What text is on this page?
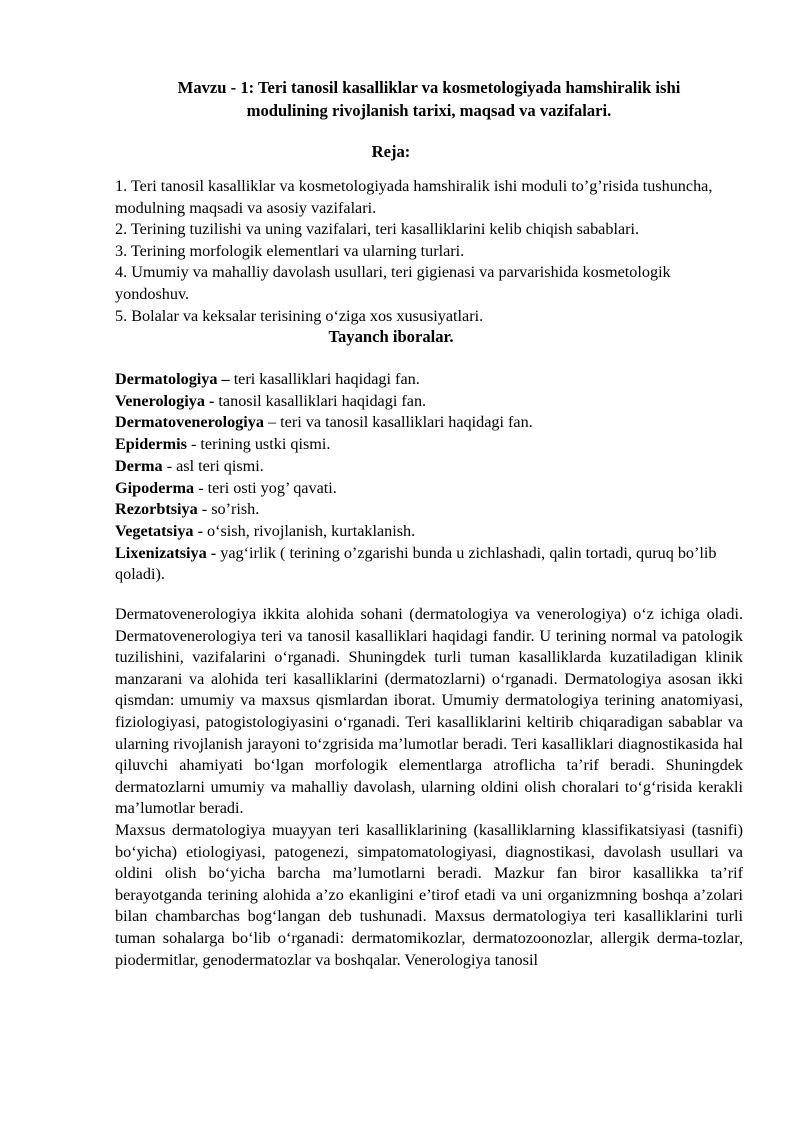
Mavzu - 1: Teri tanosil kasalliklar va kosmetologiyada hamshiralik ishi
modulining rivojlanish tarixi, maqsad va vazifalari.
Reja:
1. Teri tanosil kasalliklar va kosmetologiyada hamshiralik ishi moduli to’g’risida tushuncha, modulning maqsadi va asosiy vazifalari.
2. Terining tuzilishi va uning vazifalari, teri kasalliklarini kelib chiqish sabablari.
3. Terining morfologik elementlari va ularning turlari.
4. Umumiy va mahalliy davolash usullari, teri gigienasi va parvarishida kosmetologik yondoshuv.
5. Bolalar va keksalar terisining o‘ziga xos xususiyatlari.
Tayanch iboralar.

Dermatologiya – teri kasalliklari haqidagi fan.

Venerologiya - tanosil kasalliklari haqidagi fan.

Dermatovenerologiya – teri va tanosil kasalliklari haqidagi fan.

Epidermis - terining ustki qismi.

Derma - asl teri qismi.

Gipoderma - teri osti yog’ qavati.

Rezorbtsiya - so’rish.

Vegetatsiya - o‘sish, rivojlanish, kurtaklanish.

Lixenizatsiya - yag‘irlik ( terining o’zgarishi bunda u zichlashadi, qalin tortadi, quruq bo’lib qoladi).

Dermatovenerologiya ikkita alohida sohani (dermatologiya va venerologiya) o‘z ichiga oladi. Dermatovenerologiya teri va tanosil kasalliklari haqidagi fandir. U terining normal va patologik tuzilishini, vazifalarini o‘rganadi. Shuningdek turli tuman kasalliklarda kuzatiladigan klinik manzarani va alohida teri kasalliklarini (dermatozlarni) o‘rganadi. Dermatologiya asosan ikki qismdan: umumiy va maxsus qismlardan iborat. Umumiy dermatologiya terining anatomiyasi, fiziologiyasi, patogistologiyasini o‘rganadi. Teri kasalliklarini keltirib chiqaradigan sabablar va ularning rivojlanish jarayoni to‘zgrisida ma’lumotlar beradi. Teri kasalliklari diagnostikasida hal qiluvchi ahamiyati bo‘lgan morfologik elementlarga atroflicha ta’rif beradi. Shuningdek dermatozlarni umumiy va mahalliy davolash, ularning oldini olish choralari to‘g‘risida kerakli ma’lumotlar beradi.

Maxsus dermatologiya muayyan teri kasalliklarining (kasalliklarning klassifikatsiyasi (tasnifi) bo‘yicha) etiologiyasi, patogenezi, simpatomatologiyasi, diagnostikasi, davolash usullari va oldini olish bo‘yicha barcha ma’lumotlarni beradi. Mazkur fan biror kasallikka ta’rif berayotganda terining alohida a’zo ekanligini e’tirof etadi va uni organizmning boshqa a’zolari bilan chambarchas bog‘langan deb tushunadi. Maxsus dermatologiya teri kasalliklarini turli tuman sohalarga bo‘lib o‘rganadi: dermatomikozlar, dermatozoonozlar, allergik derma-tozlar, piodermitlar, genodermatozlar va boshqalar. Venerologiya tanosil
